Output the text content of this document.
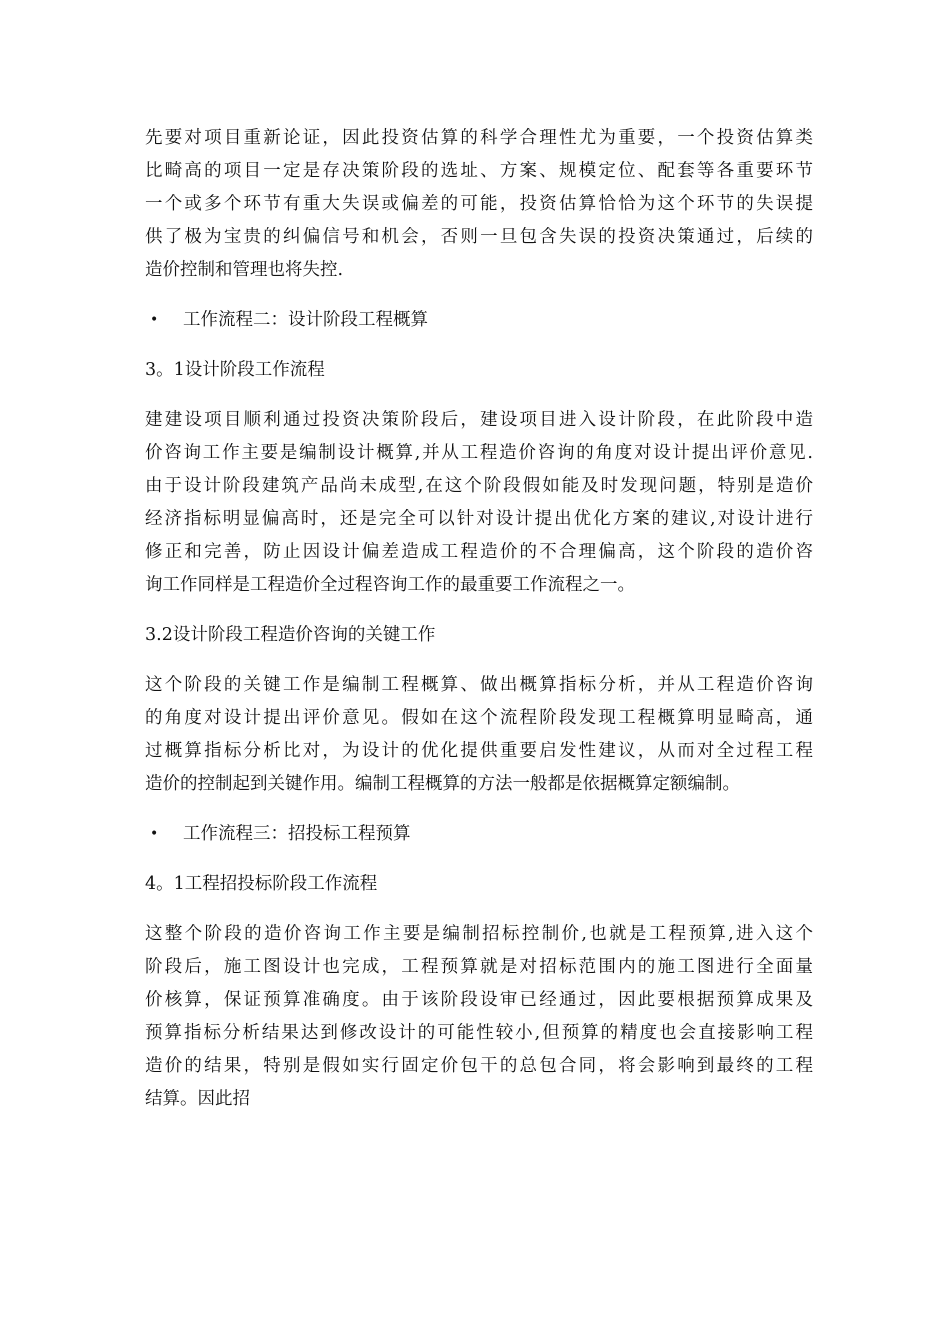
先要对项目重新论证，因此投资估算的科学合理性尤为重要，一个投资估算类
比畸高的项目一定是存决策阶段的选址、方案、规模定位、配套等各重要环节
一个或多个环节有重大失误或偏差的可能，投资估算恰恰为这个环节的失误提
供了极为宝贵的纠偏信号和机会，否则一旦包含失误的投资决策通过，后续的
造价控制和管理也将失控.
•	工作流程二：设计阶段工程概算
3。1设计阶段工作流程
建建设项目顺利通过投资决策阶段后，建设项目进入设计阶段，在此阶段中造
价咨询工作主要是编制设计概算,并从工程造价咨询的角度对设计提出评价意见.
由于设计阶段建筑产品尚未成型,在这个阶段假如能及时发现问题，特别是造价
经济指标明显偏高时，还是完全可以针对设计提出优化方案的建议,对设计进行
修正和完善，防止因设计偏差造成工程造价的不合理偏高，这个阶段的造价咨
询工作同样是工程造价全过程咨询工作的最重要工作流程之一。
3.2设计阶段工程造价咨询的关键工作
这个阶段的关键工作是编制工程概算、做出概算指标分析，并从工程造价咨询
的角度对设计提出评价意见。假如在这个流程阶段发现工程概算明显畸高，通
过概算指标分析比对，为设计的优化提供重要启发性建议，从而对全过程工程
造价的控制起到关键作用。编制工程概算的方法一般都是依据概算定额编制。
•	工作流程三：招投标工程预算
4。1工程招投标阶段工作流程
这整个阶段的造价咨询工作主要是编制招标控制价,也就是工程预算,进入这个
阶段后，施工图设计也完成，工程预算就是对招标范围内的施工图进行全面量
价核算，保证预算准确度。由于该阶段设审已经通过，因此要根据预算成果及
预算指标分析结果达到修改设计的可能性较小,但预算的精度也会直接影响工程
造价的结果，特别是假如实行固定价包干的总包合同，将会影响到最终的工程
结算。因此招
